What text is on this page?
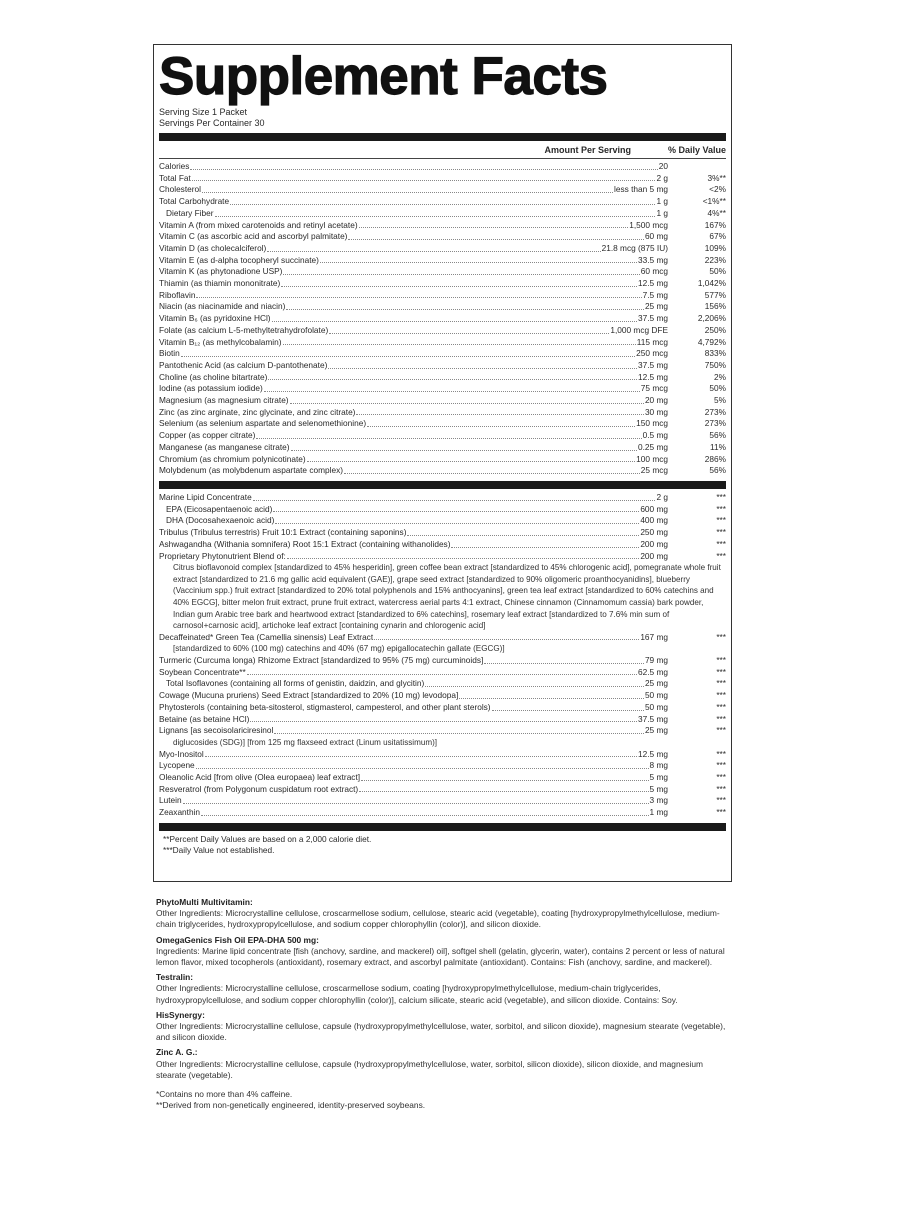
Supplement Facts
Serving Size 1 Packet
Servings Per Container 30
Amount Per Serving	% Daily Value
Calories	20
Total Fat	2 g	3%**
Cholesterol	less than 5 mg	<2%
Total Carbohydrate	1 g	<1%**
Dietary Fiber	1 g	4%**
Vitamin A (from mixed carotenoids and retinyl acetate)	1,500 mcg	167%
Vitamin C (as ascorbic acid and ascorbyl palmitate)	60 mg	67%
Vitamin D (as cholecalciferol)	21.8 mcg (875 IU)	109%
Vitamin E (as d-alpha tocopheryl succinate)	33.5 mg	223%
Vitamin K (as phytonadione USP)	60 mcg	50%
Thiamin (as thiamin mononitrate)	12.5 mg	1,042%
Riboflavin	7.5 mg	577%
Niacin (as niacinamide and niacin)	25 mg	156%
Vitamin B₆ (as pyridoxine HCl)	37.5 mg	2,206%
Folate (as calcium L-5-methyltetrahydrofolate)	1,000 mcg DFE	250%
Vitamin B₁₂ (as methylcobalamin)	115 mcg	4,792%
Biotin	250 mcg	833%
Pantothenic Acid (as calcium D-pantothenate)	37.5 mg	750%
Choline (as choline bitartrate)	12.5 mg	2%
Iodine (as potassium iodide)	75 mcg	50%
Magnesium (as magnesium citrate)	20 mg	5%
Zinc (as zinc arginate, zinc glycinate, and zinc citrate)	30 mg	273%
Selenium (as selenium aspartate and selenomethionine)	150 mcg	273%
Copper (as copper citrate)	0.5 mg	56%
Manganese (as manganese citrate)	0.25 mg	11%
Chromium (as chromium polynicotinate)	100 mcg	286%
Molybdenum (as molybdenum aspartate complex)	25 mcg	56%
Marine Lipid Concentrate	2 g	***
EPA (Eicosapentaenoic acid)	600 mg	***
DHA (Docosahexaenoic acid)	400 mg	***
Tribulus (Tribulus terrestris) Fruit 10:1 Extract (containing saponins)	250 mg	***
Ashwagandha (Withania somnifera) Root 15:1 Extract (containing withanolides)	200 mg	***
Proprietary Phytonutrient Blend of:	200 mg	***
Citrus bioflavonoid complex [standardized to 45% hesperidin], green coffee bean extract [standardized to 45% chlorogenic acid], pomegranate whole fruit extract [standardized to 21.6 mg gallic acid equivalent (GAE)], grape seed extract [standardized to 90% oligomeric proanthocyanidins], blueberry (Vaccinium spp.) fruit extract [standardized to 20% total polyphenols and 15% anthocyanins], green tea leaf extract [standardized to 60% catechins and 40% EGCG], bitter melon fruit extract, prune fruit extract, watercress aerial parts 4:1 extract, Chinese cinnamon (Cinnamomum cassia) bark powder, Indian gum Arabic tree bark and heartwood extract [standardized to 6% catechins], rosemary leaf extract [standardized to 7.6% min sum of carnosol+carnosic acid], artichoke leaf extract [containing cynarin and chlorogenic acid]
Decaffeinated* Green Tea (Camellia sinensis) Leaf Extract	167 mg	***
[standardized to 60% (100 mg) catechins and 40% (67 mg) epigallocatechin gallate (EGCG)]
Turmeric (Curcuma longa) Rhizome Extract [standardized to 95% (75 mg) curcuminoids]	79 mg	***
Soybean Concentrate**	62.5 mg	***
Total Isoflavones (containing all forms of genistin, daidzin, and glycitin)	25 mg	***
Cowage (Mucuna pruriens) Seed Extract [standardized to 20% (10 mg) levodopa]	50 mg	***
Phytosterols (containing beta-sitosterol, stigmasterol, campesterol, and other plant sterols)	50 mg	***
Betaine (as betaine HCl)	37.5 mg	***
Lignans [as secoisolariciresinol	25 mg	***
diglucosides (SDG)] [from 125 mg flaxseed extract (Linum usitatissimum)]
Myo-Inositol	12.5 mg	***
Lycopene	8 mg	***
Oleanolic Acid [from olive (Olea europaea) leaf extract]	5 mg	***
Resveratrol (from Polygonum cuspidatum root extract)	5 mg	***
Lutein	3 mg	***
Zeaxanthin	1 mg	***
**Percent Daily Values are based on a 2,000 calorie diet.
***Daily Value not established.

PhytoMulti Multivitamin:

Other Ingredients: Microcrystalline cellulose, croscarmellose sodium, cellulose, stearic acid (vegetable), coating [hydroxypropylmethylcellulose, medium-chain triglycerides, hydroxypropylcellulose, and sodium copper chlorophyllin (color)], and silicon dioxide.

OmegaGenics Fish Oil EPA-DHA 500 mg:

Ingredients: Marine lipid concentrate [fish (anchovy, sardine, and mackerel) oil], softgel shell (gelatin, glycerin, water), contains 2 percent or less of natural lemon flavor, mixed tocopherols (antioxidant), rosemary extract, and ascorbyl palmitate (antioxidant). Contains: Fish (anchovy, sardine, and mackerel).

Testralin:

Other Ingredients: Microcrystalline cellulose, croscarmellose sodium, coating [hydroxypropylmethylcellulose, medium-chain triglycerides, hydroxypropylcellulose, and sodium copper chlorophyllin (color)], calcium silicate, stearic acid (vegetable), and silicon dioxide. Contains: Soy.

HisSynergy:

Other Ingredients: Microcrystalline cellulose, capsule (hydroxypropylmethylcellulose, water, sorbitol, and silicon dioxide), magnesium stearate (vegetable), and silicon dioxide.

Zinc A. G.:

Other Ingredients: Microcrystalline cellulose, capsule (hydroxypropylmethylcellulose, water, sorbitol, silicon dioxide), silicon dioxide, and magnesium stearate (vegetable).

*Contains no more than 4% caffeine.

**Derived from non-genetically engineered, identity-preserved soybeans.
